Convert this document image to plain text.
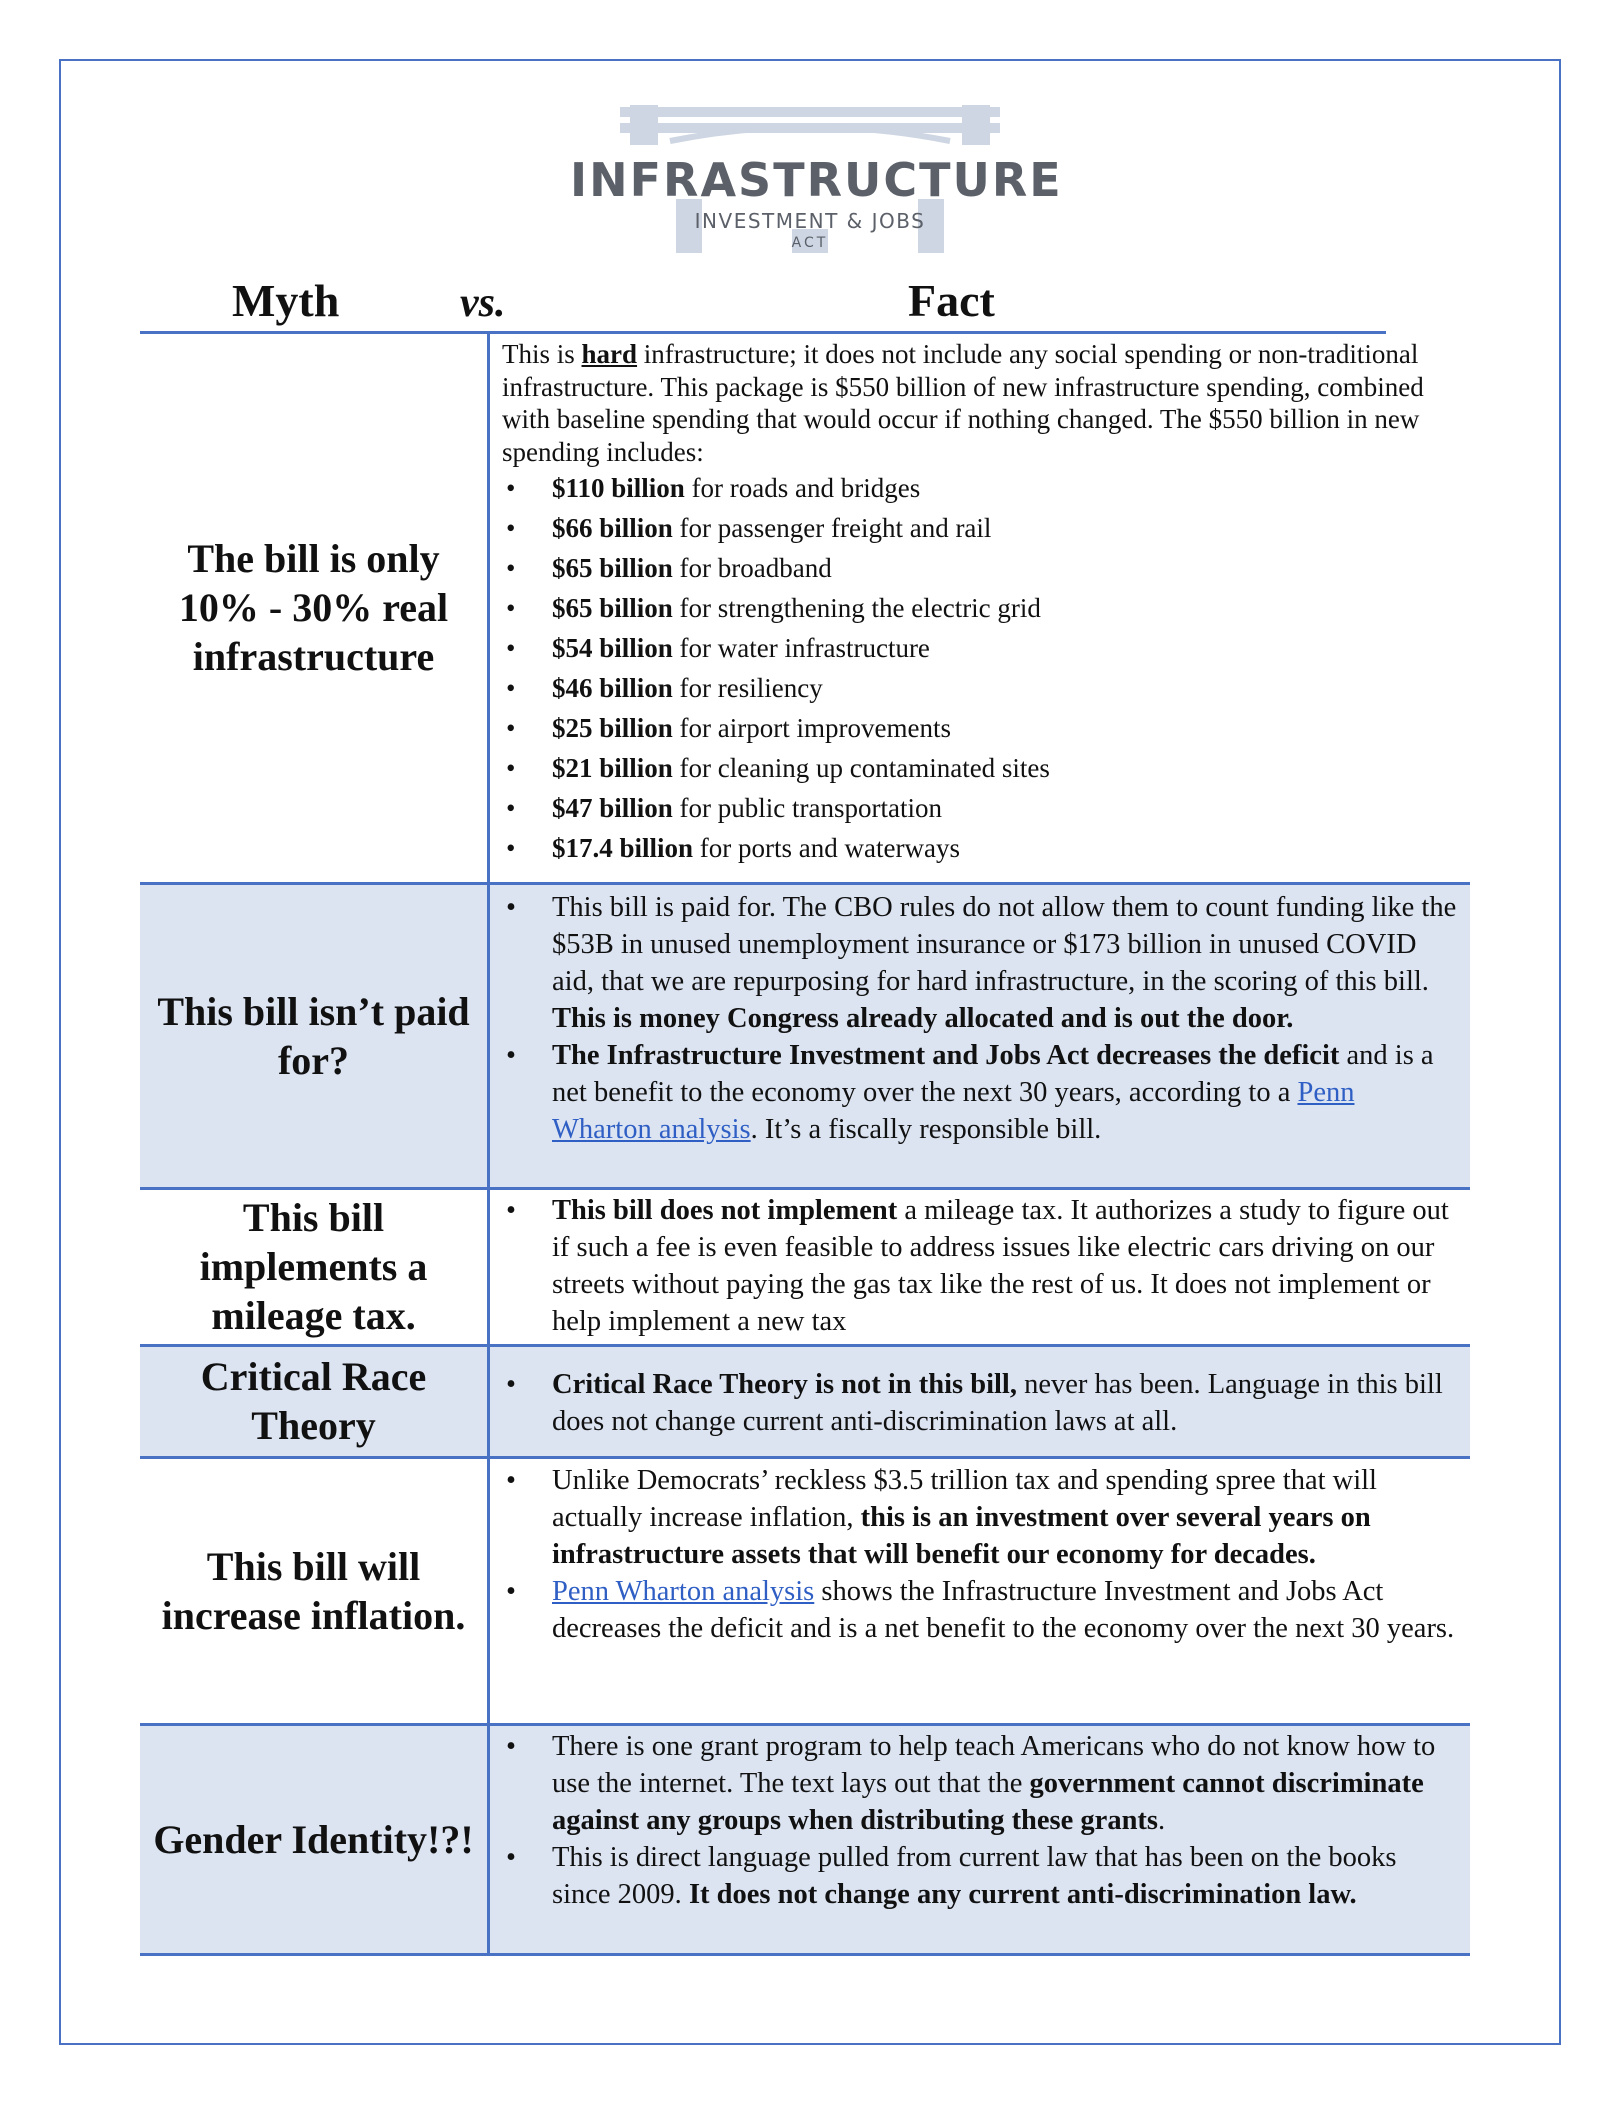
INFRASTRUCTURE
INVESTMENT & JOBS
ACT
Myth	vs.	Fact
The bill is only 10% - 30% real infrastructure

This is hard infrastructure; it does not include any social spending or non-traditional infrastructure. This package is $550 billion of new infrastructure spending, combined with baseline spending that would occur if nothing changed. The $550 billion in new spending includes:

• $110 billion for roads and bridges
• $66 billion for passenger freight and rail
• $65 billion for broadband
• $65 billion for strengthening the electric grid
• $54 billion for water infrastructure
• $46 billion for resiliency
• $25 billion for airport improvements
• $21 billion for cleaning up contaminated sites
• $47 billion for public transportation
• $17.4 billion for ports and waterways
This bill isn’t paid for?
• This bill is paid for. The CBO rules do not allow them to count funding like the $53B in unused unemployment insurance or $173 billion in unused COVID aid, that we are repurposing for hard infrastructure, in the scoring of this bill. This is money Congress already allocated and is out the door.
• The Infrastructure Investment and Jobs Act decreases the deficit and is a net benefit to the economy over the next 30 years, according to a Penn Wharton analysis. It’s a fiscally responsible bill.
This bill implements a mileage tax.
• This bill does not implement a mileage tax. It authorizes a study to figure out if such a fee is even feasible to address issues like electric cars driving on our streets without paying the gas tax like the rest of us. It does not implement or help implement a new tax
Critical Race Theory
• Critical Race Theory is not in this bill, never has been. Language in this bill does not change current anti-discrimination laws at all.
This bill will increase inflation.
• Unlike Democrats’ reckless $3.5 trillion tax and spending spree that will actually increase inflation, this is an investment over several years on infrastructure assets that will benefit our economy for decades.
• Penn Wharton analysis shows the Infrastructure Investment and Jobs Act decreases the deficit and is a net benefit to the economy over the next 30 years.
Gender Identity!?!
• There is one grant program to help teach Americans who do not know how to use the internet. The text lays out that the government cannot discriminate against any groups when distributing these grants.
• This is direct language pulled from current law that has been on the books since 2009. It does not change any current anti-discrimination law.
